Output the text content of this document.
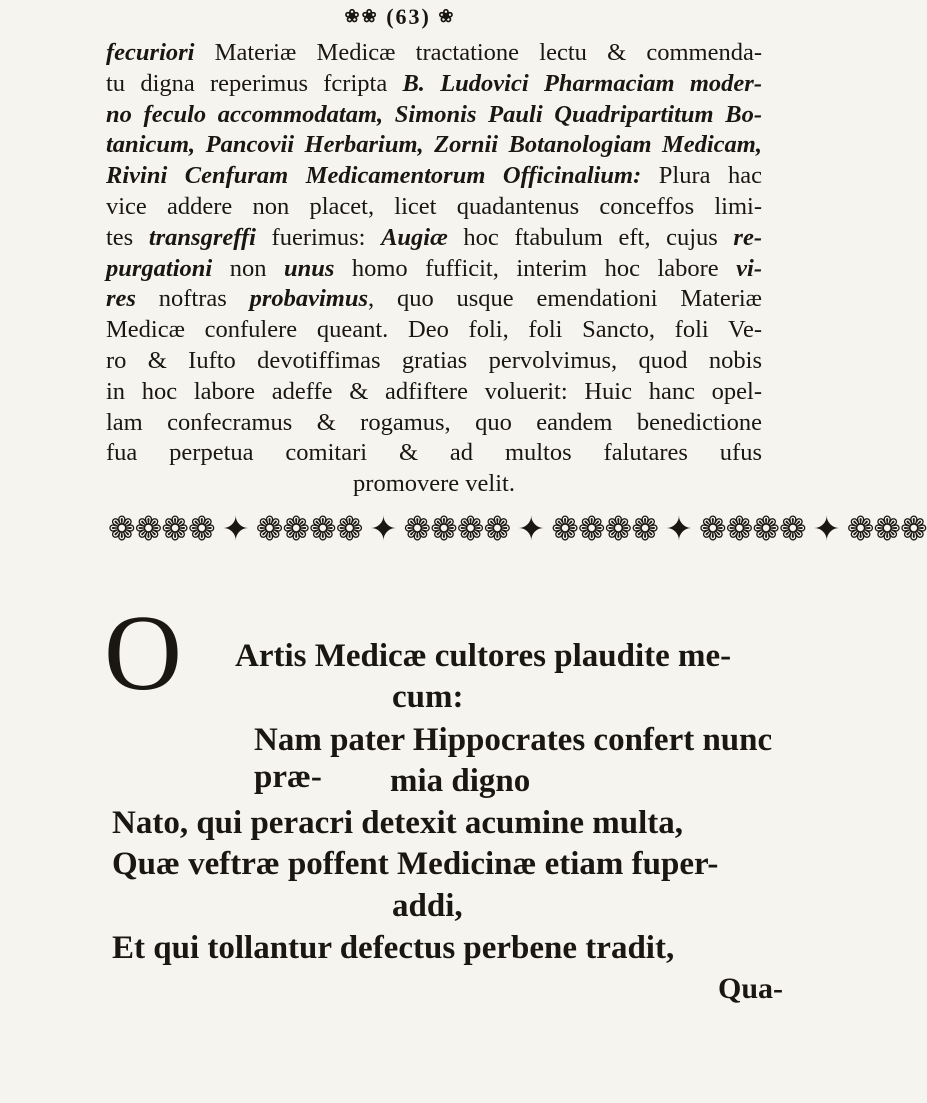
❀❀ (63) ❀
fecuriori Materiæ Medicæ tractatione lectu & commenda-
tu digna reperimus fcripta B. Ludovici Pharmaciam moder-
no feculo accommodatam, Simonis Pauli Quadripartitum Bo-
tanicum, Pancovii Herbarium, Zornii Botanologiam Medicam,
Rivini Cenfuram Medicamentorum Officinalium: Plura hac
vice addere non placet, licet quadantenus conceffos limi-
tes transgreffi fuerimus: Augiæ hoc ftabulum eft, cujus re-
purgationi non unus homo fufficit, interim hoc labore vi-
res noftras probavimus, quo usque emendationi Materiæ
Medicæ confulere queant. Deo foli, foli Sancto, foli Ve-
ro & Iufto devotiffimas gratias pervolvimus, quod nobis
in hoc labore adeffe & adfiftere voluerit: Huic hanc opel-
lam confecramus & rogamus, quo eandem benedictione
fua perpetua comitari & ad multos falutares ufus
promovere velit.
❁❁❁❁ ✦ ❁❁❁❁ ✦ ❁❁❁❁ ✦ ❁❁❁❁ ✦ ❁❁❁❁ ✦ ❁❁❁
O Artis Medicæ cultores plaudite me-
cum:
Nam pater Hippocrates confert nunc præ-	mia digno
Nato, qui peracri detexit acumine multa,
Quæ veftræ poffent Medicinæ etiam fuper-
addi,
Et qui tollantur defectus perbene tradit,
Qua-
